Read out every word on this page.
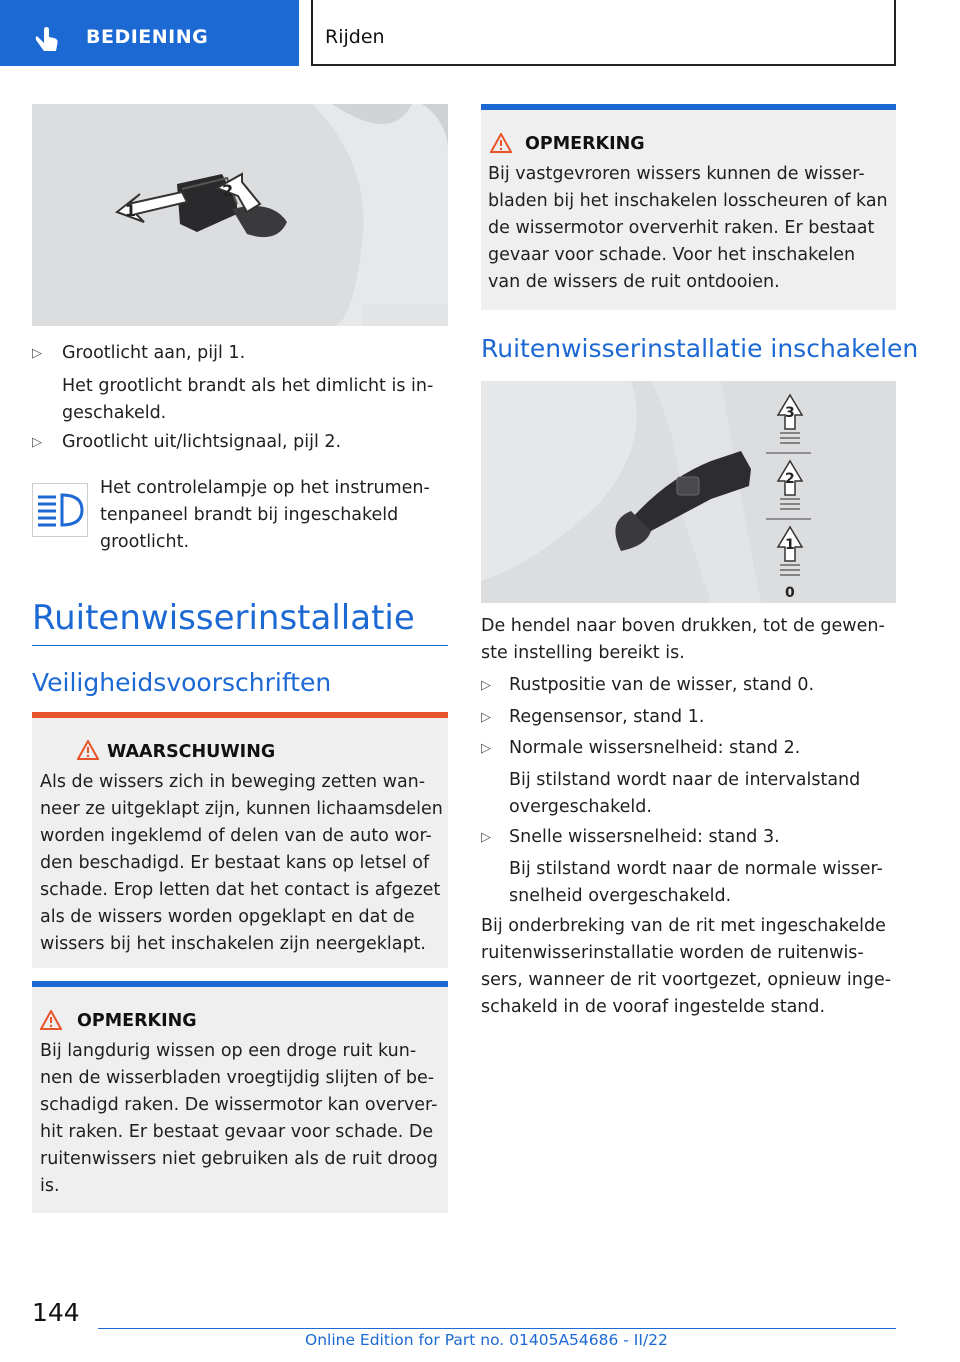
BEDIENING	Rijden
2
1
▷ Grootlicht aan, pijl 1.
Het grootlicht brandt als het dimlicht is in-
geschakeld.
▷ Grootlicht uit/lichtsignaal, pijl 2.
Het controlelampje op het instrumen-
tenpaneel brandt bij ingeschakeld
grootlicht.
Ruitenwisserinstallatie
Veiligheidsvoorschriften
WAARSCHUWING
Als de wissers zich in beweging zetten wan-
neer ze uitgeklapt zijn, kunnen lichaamsdelen
worden ingeklemd of delen van de auto wor-
den beschadigd. Er bestaat kans op letsel of
schade. Erop letten dat het contact is afgezet
als de wissers worden opgeklapt en dat de
wissers bij het inschakelen zijn neergeklapt.
OPMERKING
Bij langdurig wissen op een droge ruit kun-
nen de wisserbladen vroegtijdig slijten of be-
schadigd raken. De wissermotor kan overver-
hit raken. Er bestaat gevaar voor schade. De
ruitenwissers niet gebruiken als de ruit droog
is.
OPMERKING
Bij vastgevroren wissers kunnen de wisser-
bladen bij het inschakelen losscheuren of kan
de wissermotor oververhit raken. Er bestaat
gevaar voor schade. Voor het inschakelen
van de wissers de ruit ontdooien.
Ruitenwisserinstallatie inschakelen
3
2
1
0
De hendel naar boven drukken, tot de gewen-
ste instelling bereikt is.
▷ Rustpositie van de wisser, stand 0.
▷ Regensensor, stand 1.
▷ Normale wissersnelheid: stand 2.
Bij stilstand wordt naar de intervalstand
overgeschakeld.
▷ Snelle wissersnelheid: stand 3.
Bij stilstand wordt naar de normale wisser-
snelheid overgeschakeld.
Bij onderbreking van de rit met ingeschakelde
ruitenwisserinstallatie worden de ruitenwis-
sers, wanneer de rit voortgezet, opnieuw inge-
schakeld in de vooraf ingestelde stand.
144
Online Edition for Part no. 01405A54686 - II/22
